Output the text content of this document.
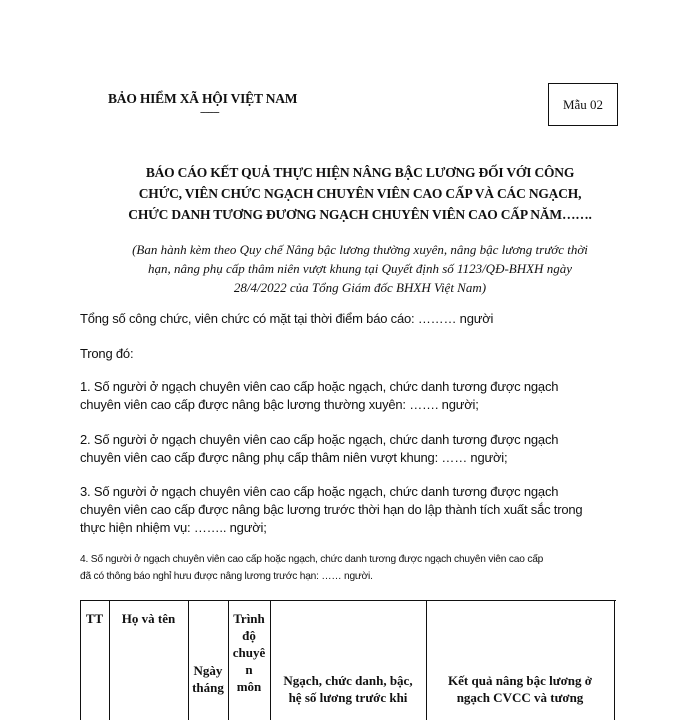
BẢO HIỂM XÃ HỘI VIỆT NAM
-------
Mẫu 02
BÁO CÁO KẾT QUẢ THỰC HIỆN NÂNG BẬC LƯƠNG ĐỐI VỚI CÔNG
CHỨC, VIÊN CHỨC NGẠCH CHUYÊN VIÊN CAO CẤP VÀ CÁC NGẠCH,
CHỨC DANH TƯƠNG ĐƯƠNG NGẠCH CHUYÊN VIÊN CAO CẤP NĂM…….
(Ban hành kèm theo Quy chế Nâng bậc lương thường xuyên, nâng bậc lương trước thời
hạn, nâng phụ cấp thâm niên vượt khung tại Quyết định số 1123/QĐ-BHXH ngày
28/4/2022 của Tổng Giám đốc BHXH Việt Nam)
Tổng số công chức, viên chức có mặt tại thời điểm báo cáo: ……… người
Trong đó:
1. Số người ở ngạch chuyên viên cao cấp hoặc ngạch, chức danh tương được ngạch
chuyên viên cao cấp được nâng bậc lương thường xuyên: ……. người;
2. Số người ở ngạch chuyên viên cao cấp hoặc ngạch, chức danh tương được ngạch
chuyên viên cao cấp được nâng phụ cấp thâm niên vượt khung: …… người;
3. Số người ở ngạch chuyên viên cao cấp hoặc ngạch, chức danh tương được ngạch
chuyên viên cao cấp được nâng bậc lương trước thời hạn do lập thành tích xuất sắc trong
thực hiện nhiệm vụ: …….. người;
4. Số người ở ngạch chuyên viên cao cấp hoặc ngạch, chức danh tương được ngạch chuyên viên cao cấp
đã có thông báo nghỉ hưu được nâng lương trước hạn: …… người.
TT	Họ và tên
Ngày
tháng
Trình
độ
chuyê
n
môn	Ngạch, chức danh, bậc,
hệ số lương trước khi
Kết quả nâng bậc lương ở
ngạch CVCC và tương
